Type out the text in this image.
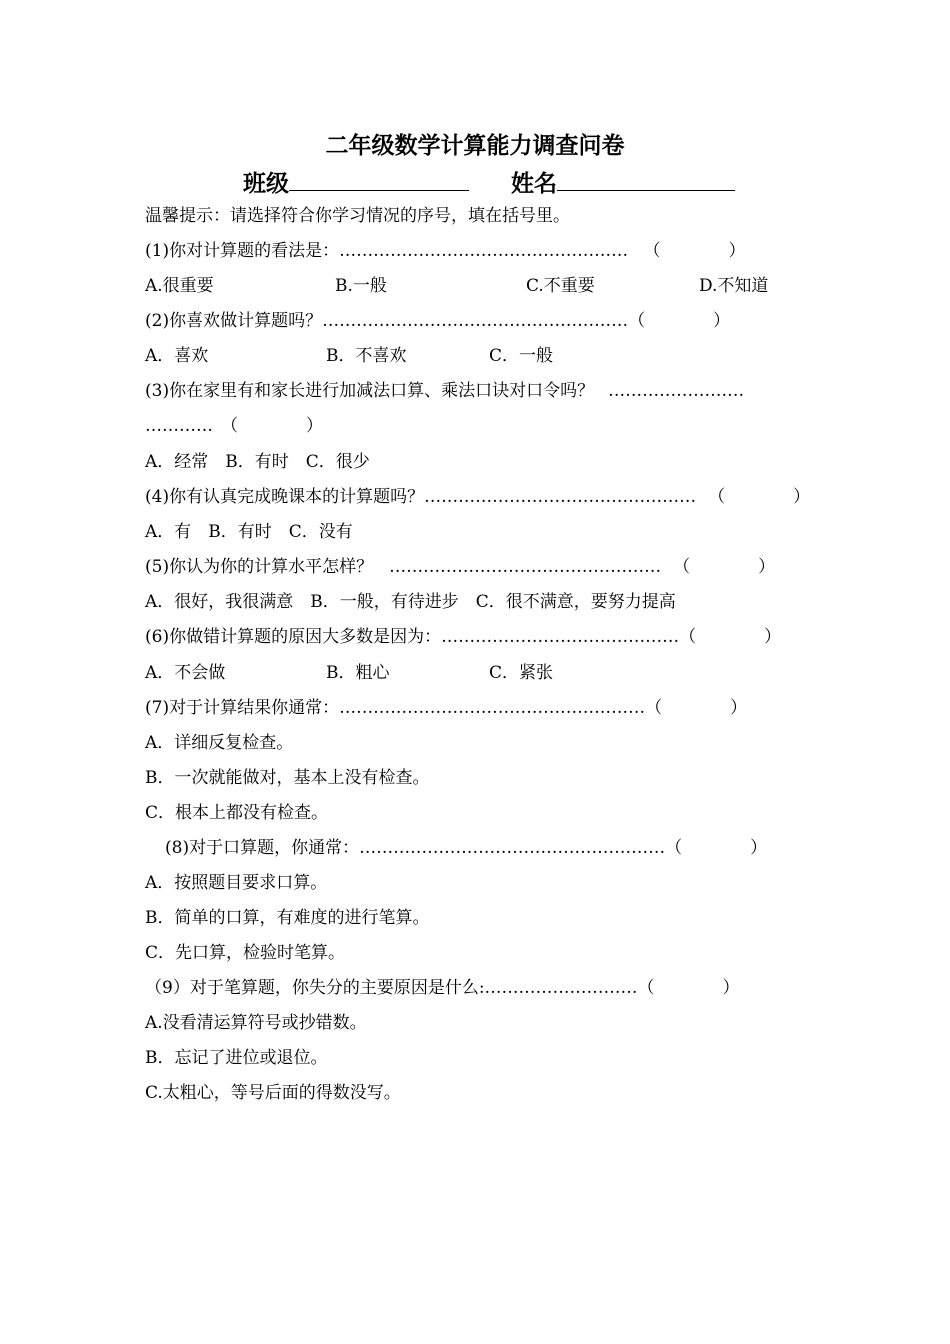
二年级数学计算能力调查问卷
班级	姓名
温馨提示：请选择符合你学习情况的序号，填在括号里。
(1)你对计算题的看法是：…………………………………………… （　　　　）
A.很重要	B.一般	C.不重要	D.不知道
(2)你喜欢做计算题吗？………………………………………………（　　　　）
A．喜欢	B．不喜欢	C．一般
(3)你在家里有和家长进行加减法口算、乘法口诀对口令吗？ ……………………
………… （　　　　）
A．经常　B．有时　C．很少
(4)你有认真完成晚课本的计算题吗？………………………………………… （　　　　）
A．有　B．有时　C．没有
(5)你认为你的计算水平怎样？ ………………………………………… （　　　　）
A．很好，我很满意　B．一般，有待进步　C．很不满意，要努力提高
(6)你做错计算题的原因大多数是因为：……………………………………（　　　　）
A．不会做	B．粗心	C．紧张
(7)对于计算结果你通常：………………………………………………（　　　　）
A．详细反复检查。
B．一次就能做对，基本上没有检查。
C．根本上都没有检查。
(8)对于口算题，你通常：………………………………………………（　　　　）
A．按照题目要求口算。
B．简单的口算，有难度的进行笔算。
C．先口算，检验时笔算。
（9）对于笔算题，你失分的主要原因是什么:………………………（　　　　）
A.没看清运算符号或抄错数。
B．忘记了进位或退位。
C.太粗心，等号后面的得数没写。
